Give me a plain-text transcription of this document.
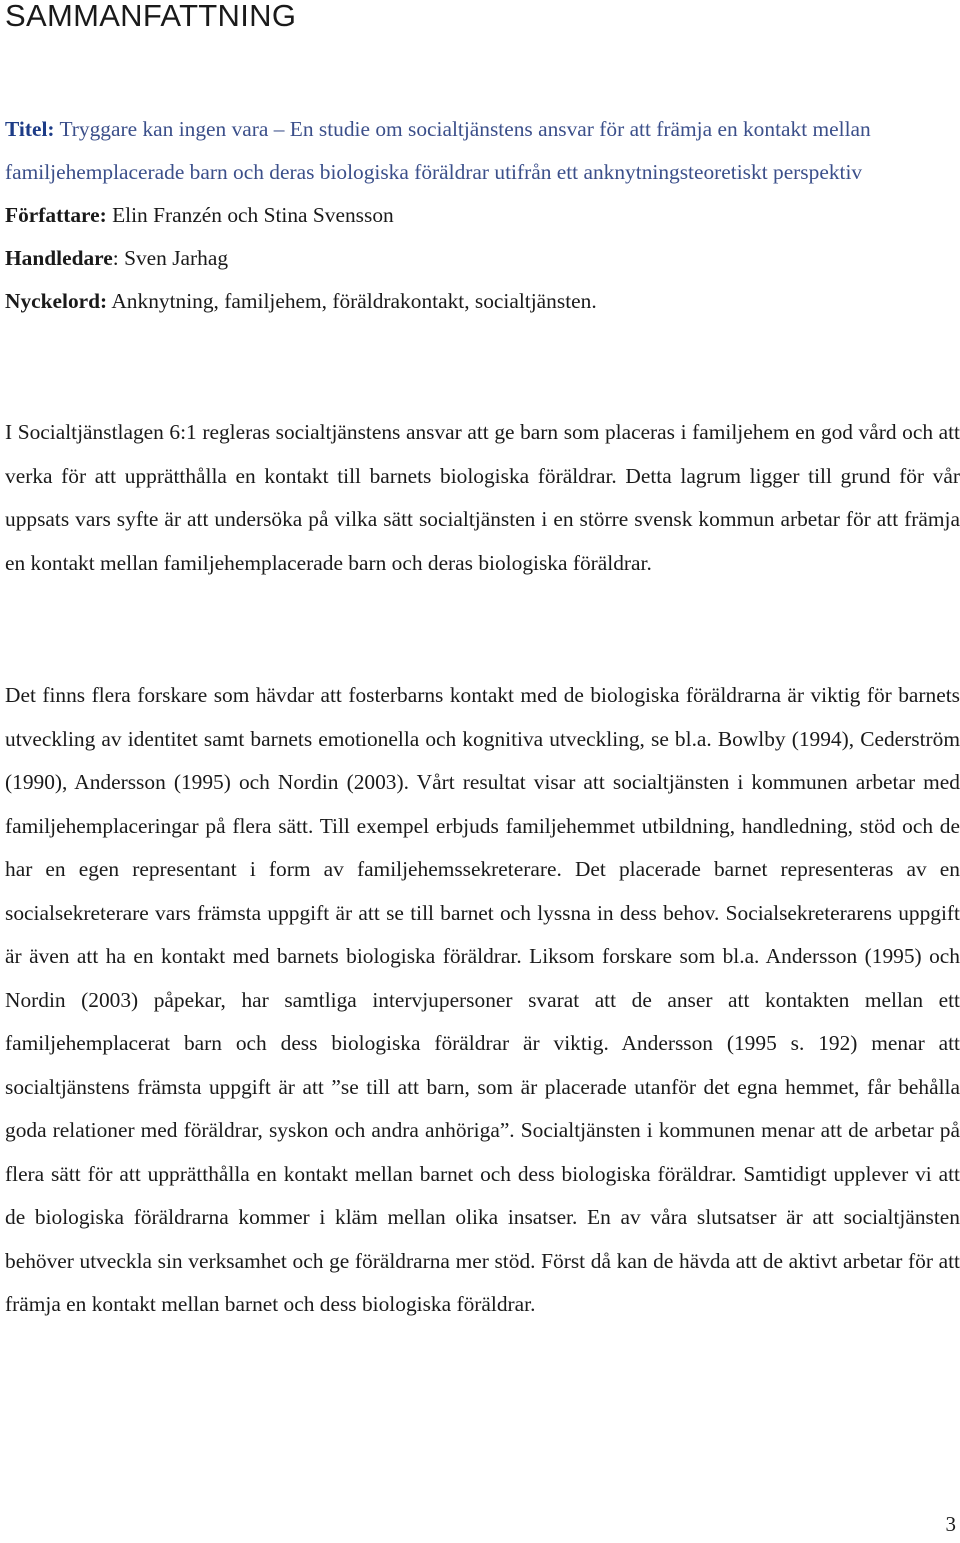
SAMMANFATTNING

Titel: Tryggare kan ingen vara – En studie om socialtjänstens ansvar för att främja en kontakt mellan familjehemplacerade barn och deras biologiska föräldrar utifrån ett anknytningsteoretiskt perspektiv

Författare: Elin Franzén och Stina Svensson

Handledare: Sven Jarhag

Nyckelord: Anknytning, familjehem, föräldrakontakt, socialtjänsten.

I Socialtjänstlagen 6:1 regleras socialtjänstens ansvar att ge barn som placeras i familjehem en god vård och att verka för att upprätthålla en kontakt till barnets biologiska föräldrar. Detta lagrum ligger till grund för vår uppsats vars syfte är att undersöka på vilka sätt socialtjänsten i en större svensk kommun arbetar för att främja en kontakt mellan familjehemplacerade barn och deras biologiska föräldrar.

Det finns flera forskare som hävdar att fosterbarns kontakt med de biologiska föräldrarna är viktig för barnets utveckling av identitet samt barnets emotionella och kognitiva utveckling, se bl.a. Bowlby (1994), Cederström (1990), Andersson (1995) och Nordin (2003). Vårt resultat visar att socialtjänsten i kommunen arbetar med familjehemplaceringar på flera sätt. Till exempel erbjuds familjehemmet utbildning, handledning, stöd och de har en egen representant i form av familjehemssekreterare. Det placerade barnet representeras av en socialsekreterare vars främsta uppgift är att se till barnet och lyssna in dess behov. Socialsekreterarens uppgift är även att ha en kontakt med barnets biologiska föräldrar. Liksom forskare som bl.a. Andersson (1995) och Nordin (2003) påpekar, har samtliga intervjupersoner svarat att de anser att kontakten mellan ett familjehemplacerat barn och dess biologiska föräldrar är viktig. Andersson (1995 s. 192) menar att socialtjänstens främsta uppgift är att ”se till att barn, som är placerade utanför det egna hemmet, får behålla goda relationer med föräldrar, syskon och andra anhöriga”. Socialtjänsten i kommunen menar att de arbetar på flera sätt för att upprätthålla en kontakt mellan barnet och dess biologiska föräldrar. Samtidigt upplever vi att de biologiska föräldrarna kommer i kläm mellan olika insatser. En av våra slutsatser är att socialtjänsten behöver utveckla sin verksamhet och ge föräldrarna mer stöd. Först då kan de hävda att de aktivt arbetar för att främja en kontakt mellan barnet och dess biologiska föräldrar.

3
